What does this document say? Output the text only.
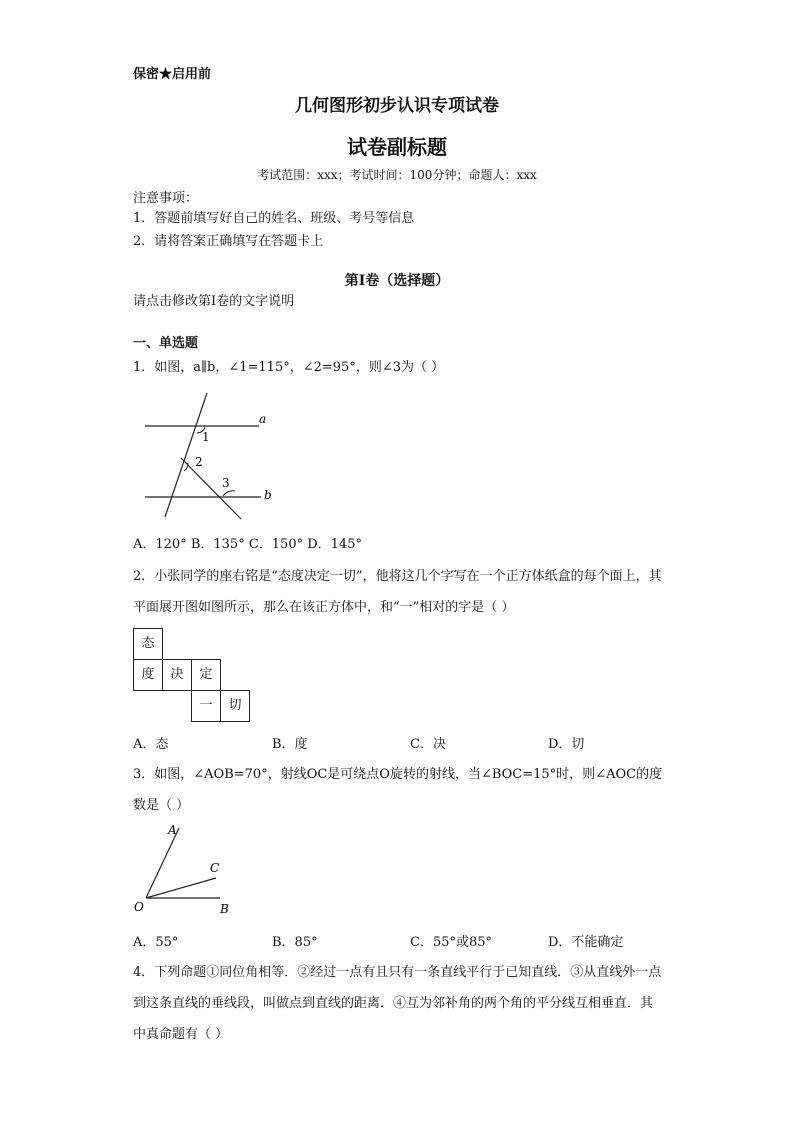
保密★启用前
几何图形初步认识专项试卷
试卷副标题
考试范围：xxx；考试时间：100分钟；命题人：xxx
注意事项：
1．答题前填写好自己的姓名、班级、考号等信息
2．请将答案正确填写在答题卡上
第I卷（选择题）
请点击修改第I卷的文字说明
一、单选题
1．如图，a∥b，∠1=115°，∠2=95°，则∠3为（ ）
a
b
1
2
3
A．120° B．135° C．150° D．145°
2．小张同学的座右铭是“态度决定一切”，他将这几个字写在一个正方体纸盒的每个面上，其平面展开图如图所示，那么在该正方体中，和“一”相对的字是（ ）
态				
度	决	定		
		一	切	
A．态	B．度	C．决	D．切
3．如图，∠AOB=70°，射线OC是可绕点O旋转的射线，当∠BOC=15°时，则∠AOC的度数是（ ）
A
C
B
O
A．55°	B．85°	C．55°或85°	D．不能确定
4．下列命题①同位角相等．②经过一点有且只有一条直线平行于已知直线．③从直线外一点到这条直线的垂线段，叫做点到直线的距离．④互为邻补角的两个角的平分线互相垂直．其中真命题有（ ）
